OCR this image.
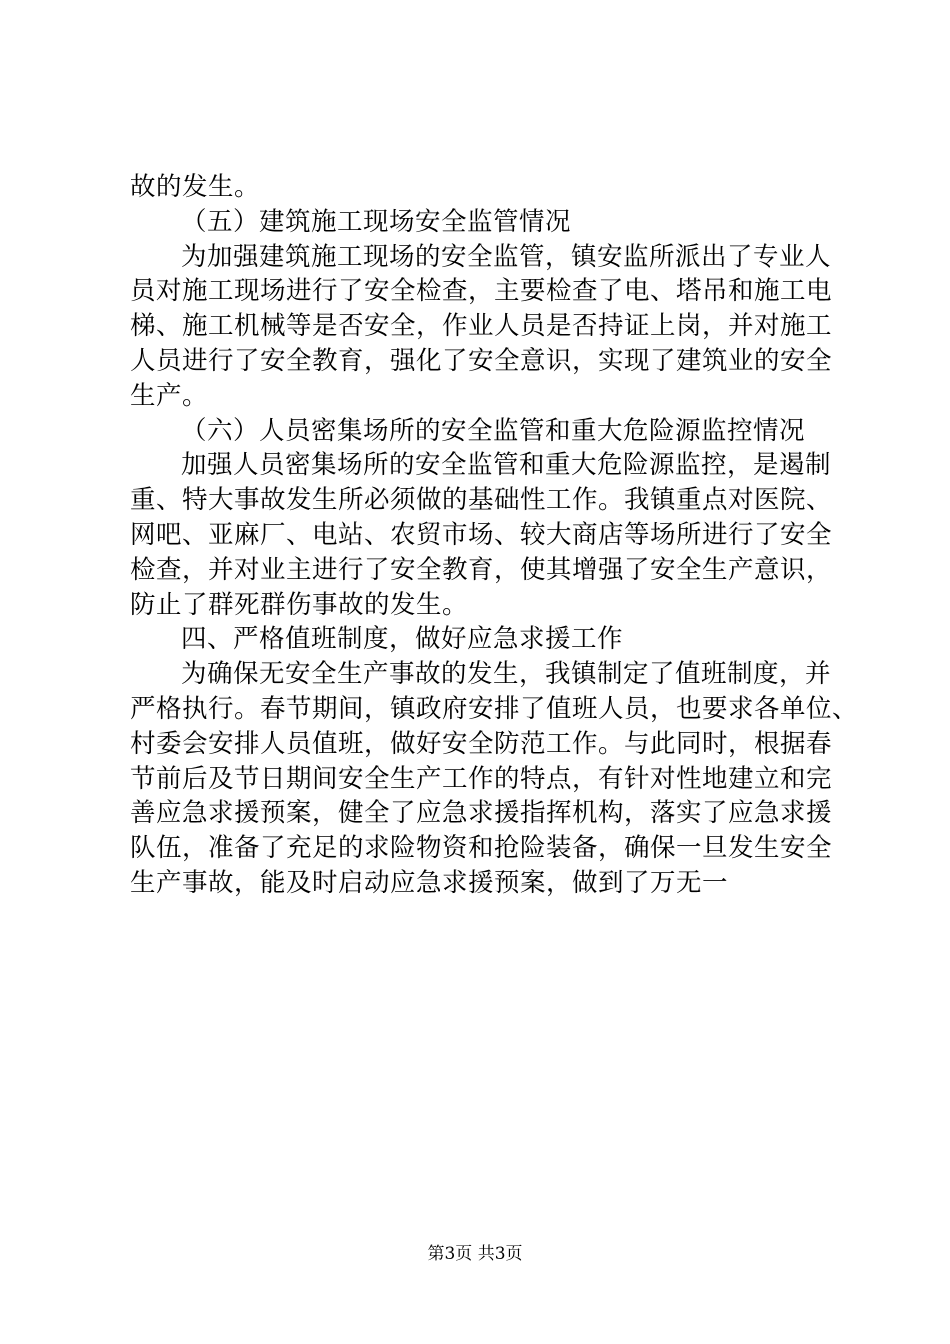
故的发生。
（五）建筑施工现场安全监管情况
为加强建筑施工现场的安全监管，镇安监所派出了专业人
员对施工现场进行了安全检查，主要检查了电、塔吊和施工电
梯、施工机械等是否安全，作业人员是否持证上岗，并对施工
人员进行了安全教育，强化了安全意识，实现了建筑业的安全
生产。
（六）人员密集场所的安全监管和重大危险源监控情况
加强人员密集场所的安全监管和重大危险源监控，是遏制
重、特大事故发生所必须做的基础性工作。我镇重点对医院、
网吧、亚麻厂、电站、农贸市场、较大商店等场所进行了安全
检查，并对业主进行了安全教育，使其增强了安全生产意识，
防止了群死群伤事故的发生。
四、严格值班制度，做好应急求援工作
为确保无安全生产事故的发生，我镇制定了值班制度，并
严格执行。春节期间，镇政府安排了值班人员，也要求各单位、
村委会安排人员值班，做好安全防范工作。与此同时，根据春
节前后及节日期间安全生产工作的特点，有针对性地建立和完
善应急求援预案，健全了应急求援指挥机构，落实了应急求援
队伍，准备了充足的求险物资和抢险装备，确保一旦发生安全
生产事故，能及时启动应急求援预案，做到了万无一
第3页 共3页
